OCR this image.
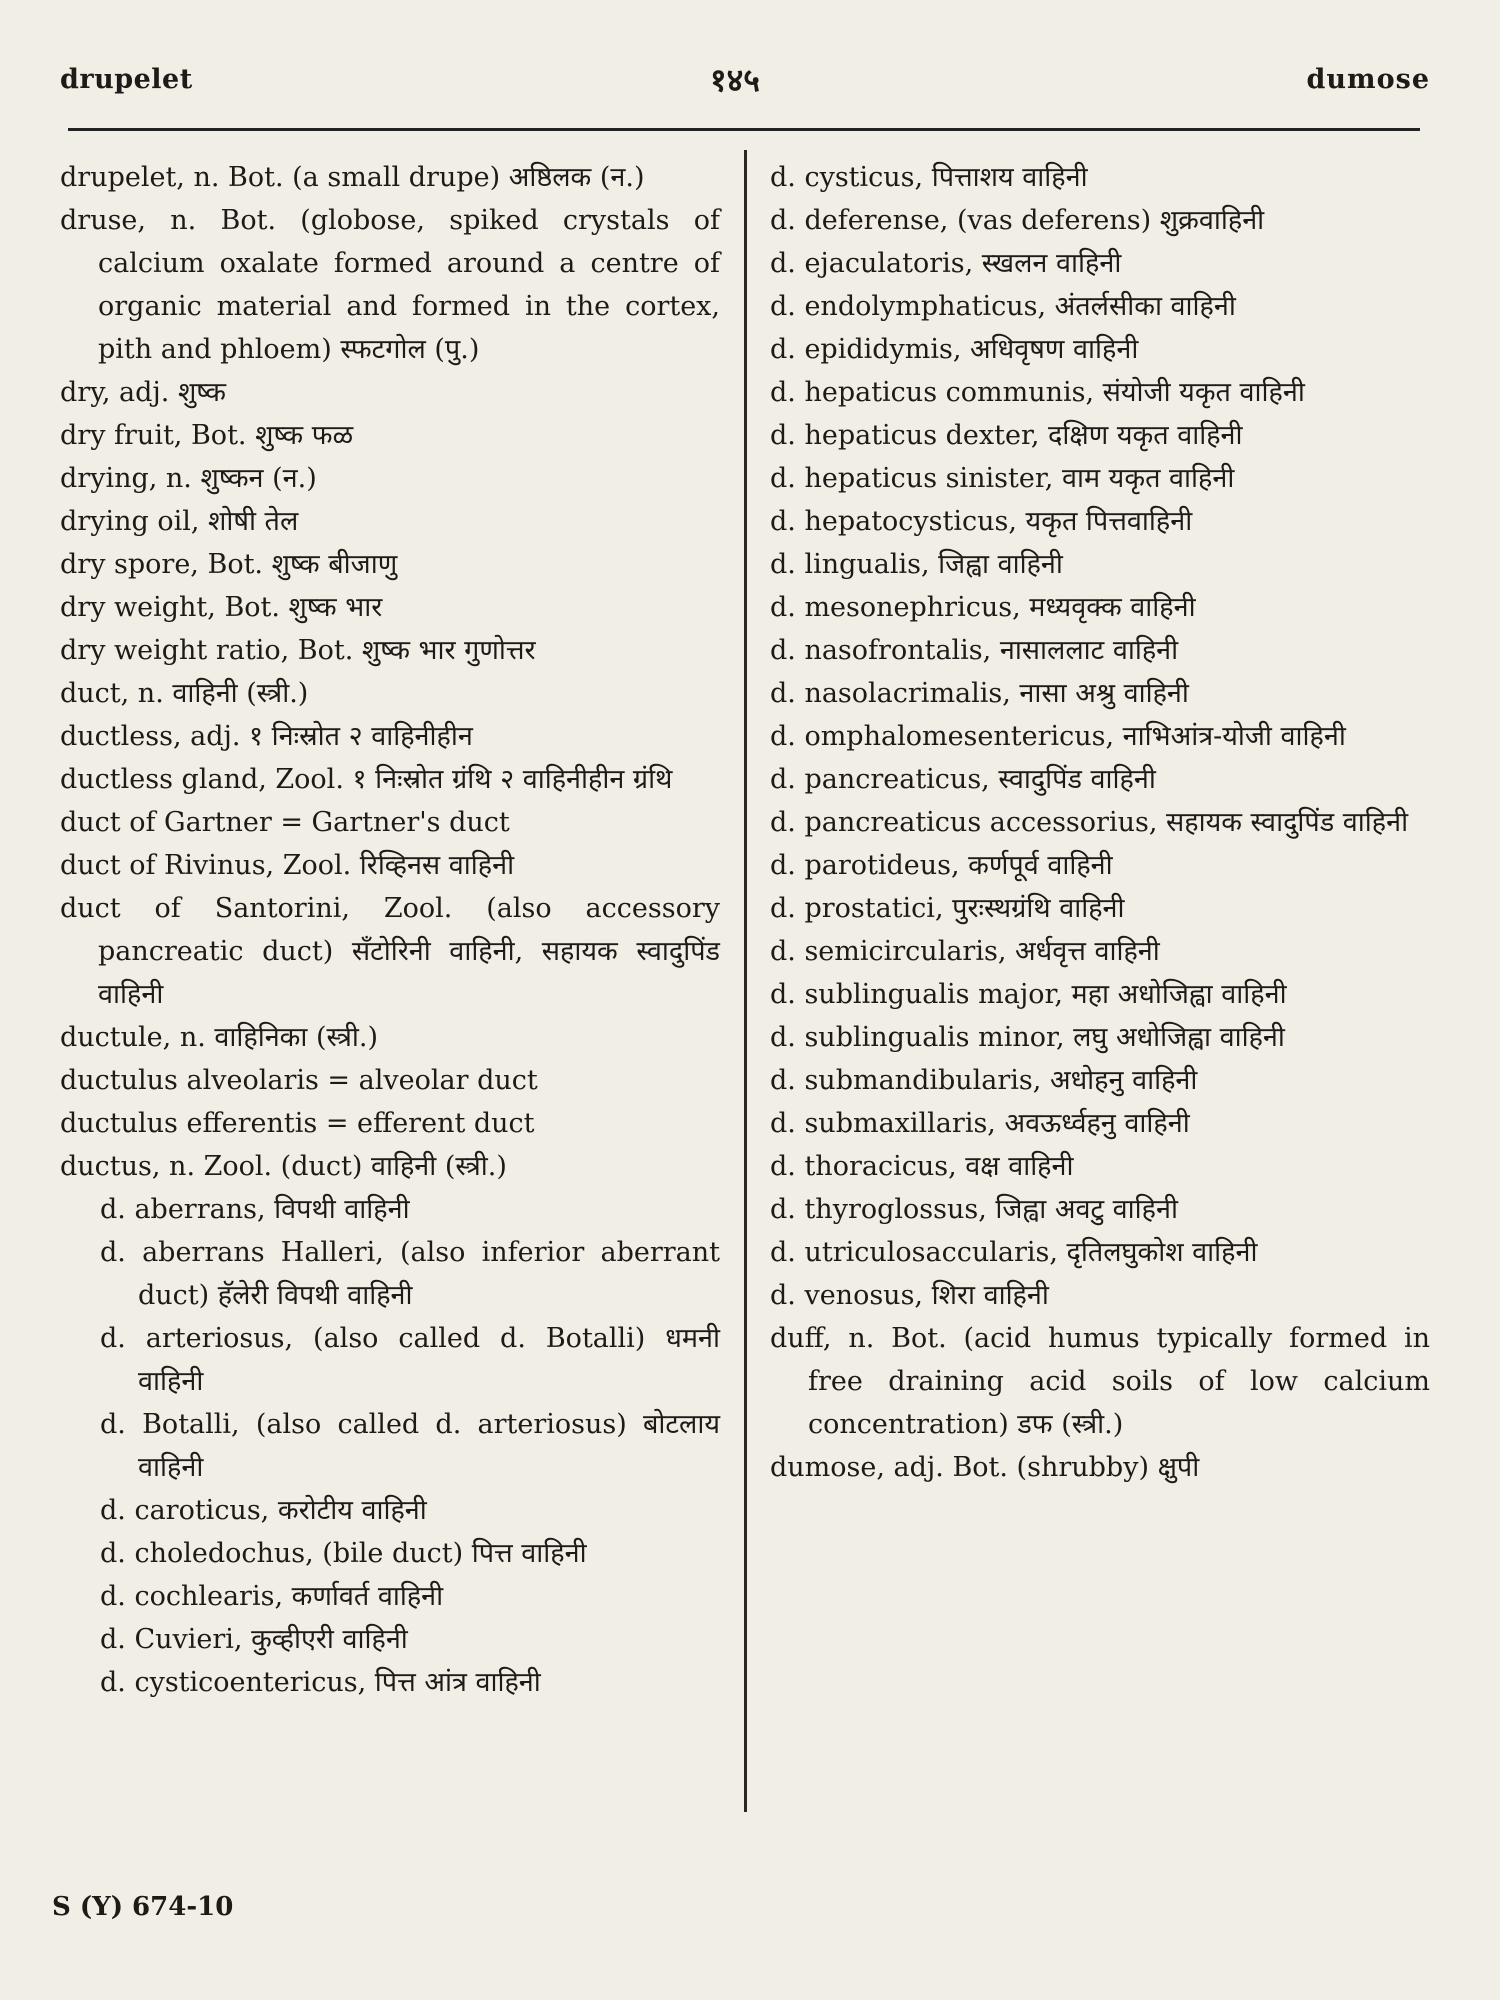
drupelet	१४५	dumose
drupelet, n. Bot. (a small drupe) अष्ठिलक (न.)
druse, n. Bot. (globose, spiked crystals of calcium oxalate formed around a centre of organic material and formed in the cortex, pith and phloem) स्फटगोल (पु.)
dry, adj. शुष्क
dry fruit, Bot. शुष्क फळ
drying, n. शुष्कन (न.)
drying oil, शोषी तेल
dry spore, Bot. शुष्क बीजाणु
dry weight, Bot. शुष्क भार
dry weight ratio, Bot. शुष्क भार गुणोत्तर
duct, n. वाहिनी (स्त्री.)
ductless, adj. १ निःस्रोत २ वाहिनीहीन
ductless gland, Zool. १ निःस्रोत ग्रंथि २ वाहिनीहीन ग्रंथि
duct of Gartner = Gartner's duct
duct of Rivinus, Zool. रिव्हिनस वाहिनी
duct of Santorini, Zool. (also accessory pancreatic duct) सँटोरिनी वाहिनी, सहायक स्वादुपिंड वाहिनी
ductule, n. वाहिनिका (स्त्री.)
ductulus alveolaris = alveolar duct
ductulus efferentis = efferent duct
ductus, n. Zool. (duct) वाहिनी (स्त्री.)
d. aberrans, विपथी वाहिनी
d. aberrans Halleri, (also inferior aberrant duct) हॅलेरी विपथी वाहिनी
d. arteriosus, (also called d. Botalli) धमनी वाहिनी
d. Botalli, (also called d. arteriosus) बोटलाय वाहिनी
d. caroticus, करोटीय वाहिनी
d. choledochus, (bile duct) पित्त वाहिनी
d. cochlearis, कर्णावर्त वाहिनी
d. Cuvieri, कुव्हीएरी वाहिनी
d. cysticoentericus, पित्त आंत्र वाहिनी
d. cysticus, पित्ताशय वाहिनी
d. deferense, (vas deferens) शुक्रवाहिनी
d. ejaculatoris, स्खलन वाहिनी
d. endolymphaticus, अंतर्लसीका वाहिनी
d. epididymis, अधिवृषण वाहिनी
d. hepaticus communis, संयोजी यकृत वाहिनी
d. hepaticus dexter, दक्षिण यकृत वाहिनी
d. hepaticus sinister, वाम यकृत वाहिनी
d. hepatocysticus, यकृत पित्तवाहिनी
d. lingualis, जिह्वा वाहिनी
d. mesonephricus, मध्यवृक्क वाहिनी
d. nasofrontalis, नासाललाट वाहिनी
d. nasolacrimalis, नासा अश्रु वाहिनी
d. omphalomesentericus, नाभिआंत्र-योजी वाहिनी
d. pancreaticus, स्वादुपिंड वाहिनी
d. pancreaticus accessorius, सहायक स्वादुपिंड वाहिनी
d. parotideus, कर्णपूर्व वाहिनी
d. prostatici, पुरःस्थग्रंथि वाहिनी
d. semicircularis, अर्धवृत्त वाहिनी
d. sublingualis major, महा अधोजिह्वा वाहिनी
d. sublingualis minor, लघु अधोजिह्वा वाहिनी
d. submandibularis, अधोहनु वाहिनी
d. submaxillaris, अवऊर्ध्वहनु वाहिनी
d. thoracicus, वक्ष वाहिनी
d. thyroglossus, जिह्वा अवटु वाहिनी
d. utriculosaccularis, दृतिलघुकोश वाहिनी
d. venosus, शिरा वाहिनी
duff, n. Bot. (acid humus typically formed in free draining acid soils of low calcium concentration) डफ (स्त्री.)
dumose, adj. Bot. (shrubby) क्षुपी
S (Y) 674-10
